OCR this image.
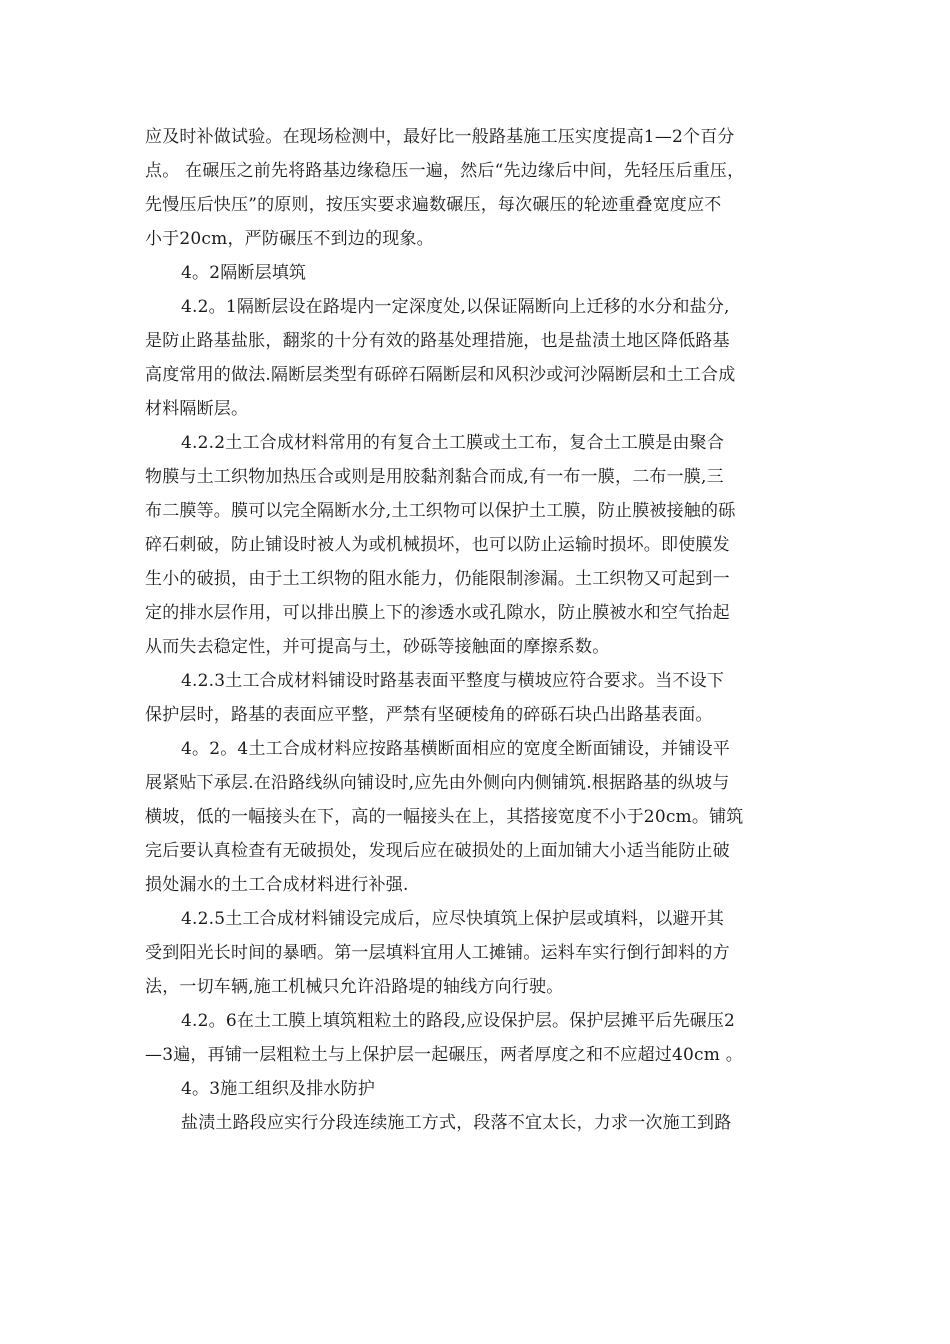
应及时补做试验。在现场检测中，最好比一般路基施工压实度提高1—2个百分
点。 在碾压之前先将路基边缘稳压一遍，然后“先边缘后中间，先轻压后重压，
先慢压后快压”的原则，按压实要求遍数碾压，每次碾压的轮迹重叠宽度应不
小于20cm，严防碾压不到边的现象。
4。2隔断层填筑
4.2。1隔断层设在路堤内一定深度处,以保证隔断向上迁移的水分和盐分,
是防止路基盐胀，翻浆的十分有效的路基处理措施，也是盐渍土地区降低路基
高度常用的做法.隔断层类型有砾碎石隔断层和风积沙或河沙隔断层和土工合成
材料隔断层。
4.2.2土工合成材料常用的有复合土工膜或土工布，复合土工膜是由聚合
物膜与土工织物加热压合或则是用胶黏剂黏合而成,有一布一膜，二布一膜,三
布二膜等。膜可以完全隔断水分,土工织物可以保护土工膜，防止膜被接触的砾
碎石刺破，防止铺设时被人为或机械损坏，也可以防止运输时损坏。即使膜发
生小的破损，由于土工织物的阻水能力，仍能限制渗漏。土工织物又可起到一
定的排水层作用，可以排出膜上下的渗透水或孔隙水，防止膜被水和空气抬起
从而失去稳定性，并可提高与土，砂砾等接触面的摩擦系数。
4.2.3土工合成材料铺设时路基表面平整度与横坡应符合要求。当不设下
保护层时，路基的表面应平整，严禁有坚硬棱角的碎砾石块凸出路基表面。
4。2。4土工合成材料应按路基横断面相应的宽度全断面铺设，并铺设平
展紧贴下承层.在沿路线纵向铺设时,应先由外侧向内侧铺筑.根据路基的纵坡与
横坡，低的一幅接头在下，高的一幅接头在上，其搭接宽度不小于20cm。铺筑
完后要认真检查有无破损处，发现后应在破损处的上面加铺大小适当能防止破
损处漏水的土工合成材料进行补强.
4.2.5土工合成材料铺设完成后，应尽快填筑上保护层或填料，以避开其
受到阳光长时间的暴晒。第一层填料宜用人工摊铺。运料车实行倒行卸料的方
法，一切车辆,施工机械只允许沿路堤的轴线方向行驶。
4.2。6在土工膜上填筑粗粒土的路段,应设保护层。保护层摊平后先碾压2
—3遍，再铺一层粗粒土与上保护层一起碾压，两者厚度之和不应超过40cm 。
4。3施工组织及排水防护
盐渍土路段应实行分段连续施工方式，段落不宜太长，力求一次施工到路
